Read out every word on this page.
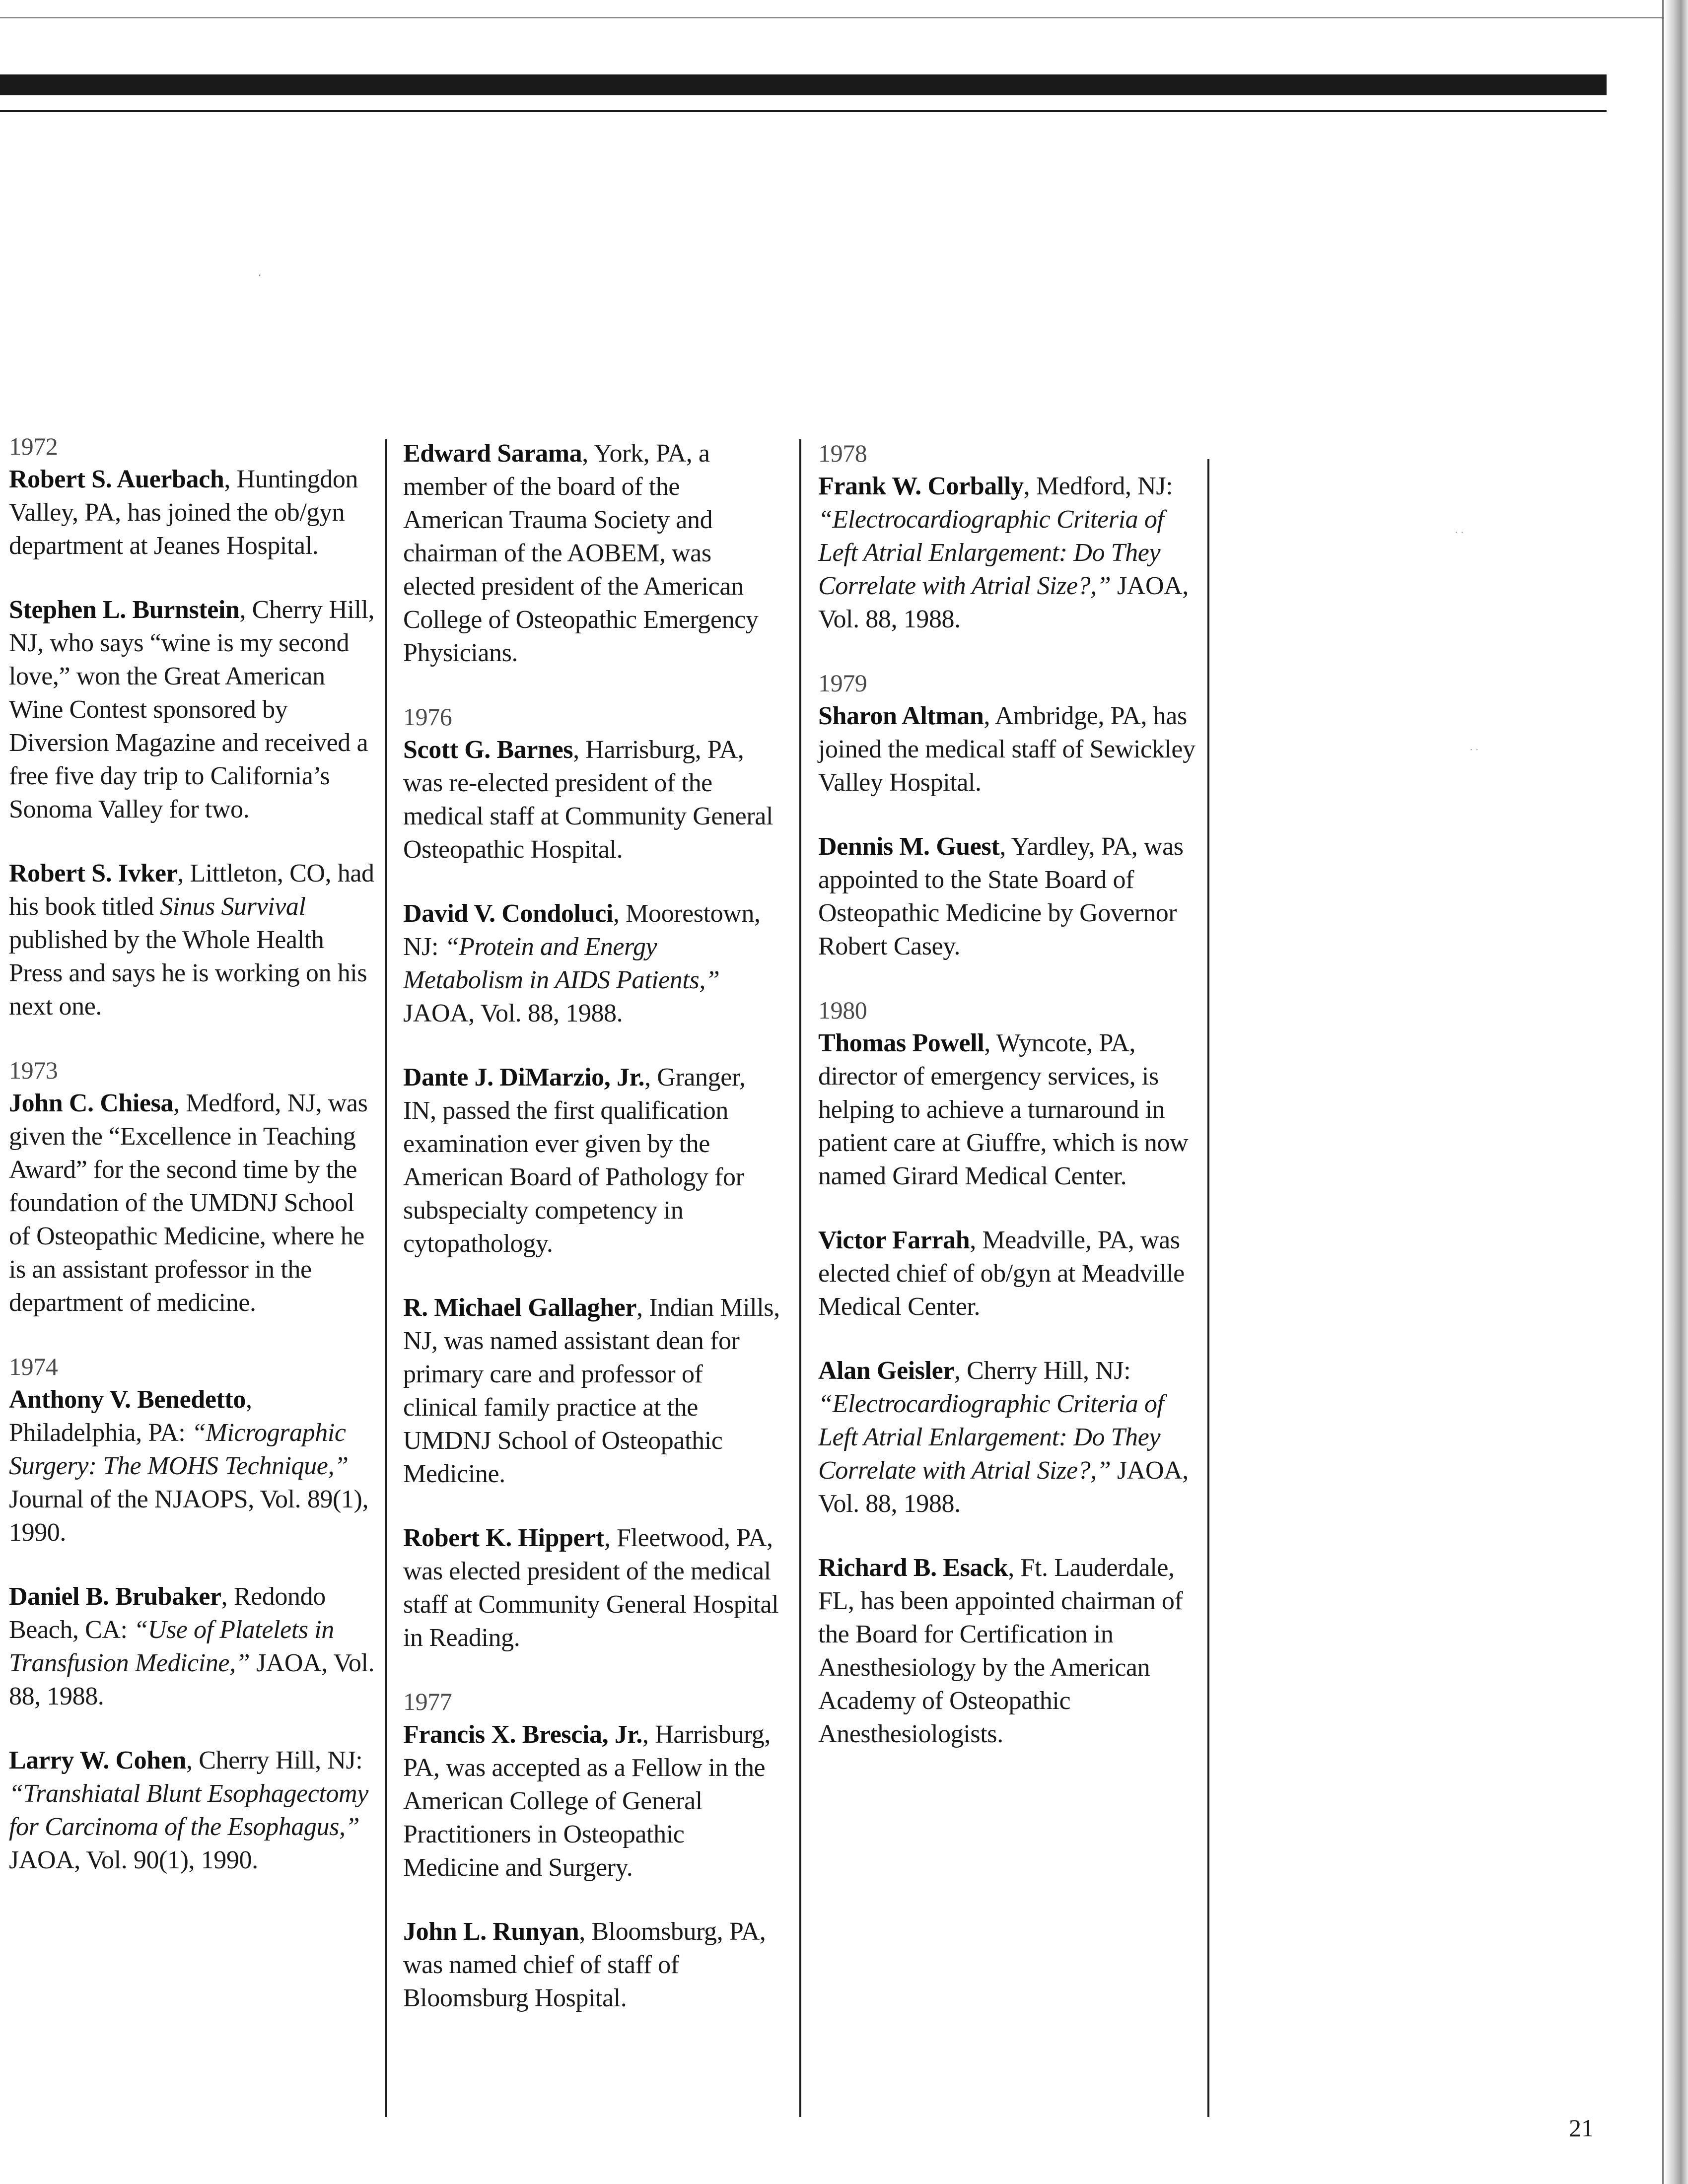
1972
Robert S. Auerbach, Huntingdon Valley, PA, has joined the ob/gyn department at Jeanes Hospital.
Stephen L. Burnstein, Cherry Hill, NJ, who says “wine is my second love,” won the Great American Wine Contest sponsored by Diversion Magazine and received a free five day trip to California’s Sonoma Valley for two.
Robert S. Ivker, Littleton, CO, had his book titled Sinus Survival published by the Whole Health Press and says he is working on his next one.
1973
John C. Chiesa, Medford, NJ, was given the “Excellence in Teaching Award” for the second time by the foundation of the UMDNJ School of Osteopathic Medicine, where he is an assistant professor in the department of medicine.
1974
Anthony V. Benedetto, Philadelphia, PA: “Micrographic Surgery: The MOHS Technique,” Journal of the NJAOPS, Vol. 89(1), 1990.
Daniel B. Brubaker, Redondo Beach, CA: “Use of Platelets in Transfusion Medicine,” JAOA, Vol. 88, 1988.
Larry W. Cohen, Cherry Hill, NJ: “Transhiatal Blunt Esophagectomy for Carcinoma of the Esophagus,” JAOA, Vol. 90(1), 1990.
Edward Sarama, York, PA, a member of the board of the American Trauma Society and chairman of the AOBEM, was elected president of the American College of Osteopathic Emergency Physicians.
1976
Scott G. Barnes, Harrisburg, PA, was re-elected president of the medical staff at Community General Osteopathic Hospital.
David V. Condoluci, Moorestown, NJ: “Protein and Energy Metabolism in AIDS Patients,” JAOA, Vol. 88, 1988.
Dante J. DiMarzio, Jr., Granger, IN, passed the first qualification examination ever given by the American Board of Pathology for subspecialty competency in cytopathology.
R. Michael Gallagher, Indian Mills, NJ, was named assistant dean for primary care and professor of clinical family practice at the UMDNJ School of Osteopathic Medicine.
Robert K. Hippert, Fleetwood, PA, was elected president of the medical staff at Community General Hospital in Reading.
1977
Francis X. Brescia, Jr., Harrisburg, PA, was accepted as a Fellow in the American College of General Practitioners in Osteopathic Medicine and Surgery.
John L. Runyan, Bloomsburg, PA, was named chief of staff of Bloomsburg Hospital.
1978
Frank W. Corbally, Medford, NJ: “Electrocardiographic Criteria of Left Atrial Enlargement: Do They Correlate with Atrial Size?,” JAOA, Vol. 88, 1988.
1979
Sharon Altman, Ambridge, PA, has joined the medical staff of Sewickley Valley Hospital.
Dennis M. Guest, Yardley, PA, was appointed to the State Board of Osteopathic Medicine by Governor Robert Casey.
1980
Thomas Powell, Wyncote, PA, director of emergency services, is helping to achieve a turnaround in patient care at Giuffre, which is now named Girard Medical Center.
Victor Farrah, Meadville, PA, was elected chief of ob/gyn at Meadville Medical Center.
Alan Geisler, Cherry Hill, NJ: “Electrocardiographic Criteria of Left Atrial Enlargement: Do They Correlate with Atrial Size?,” JAOA, Vol. 88, 1988.
Richard B. Esack, Ft. Lauderdale, FL, has been appointed chairman of the Board for Certification in Anesthesiology by the American Academy of Osteopathic Anesthesiologists.
21
‘
· ·
· ·
